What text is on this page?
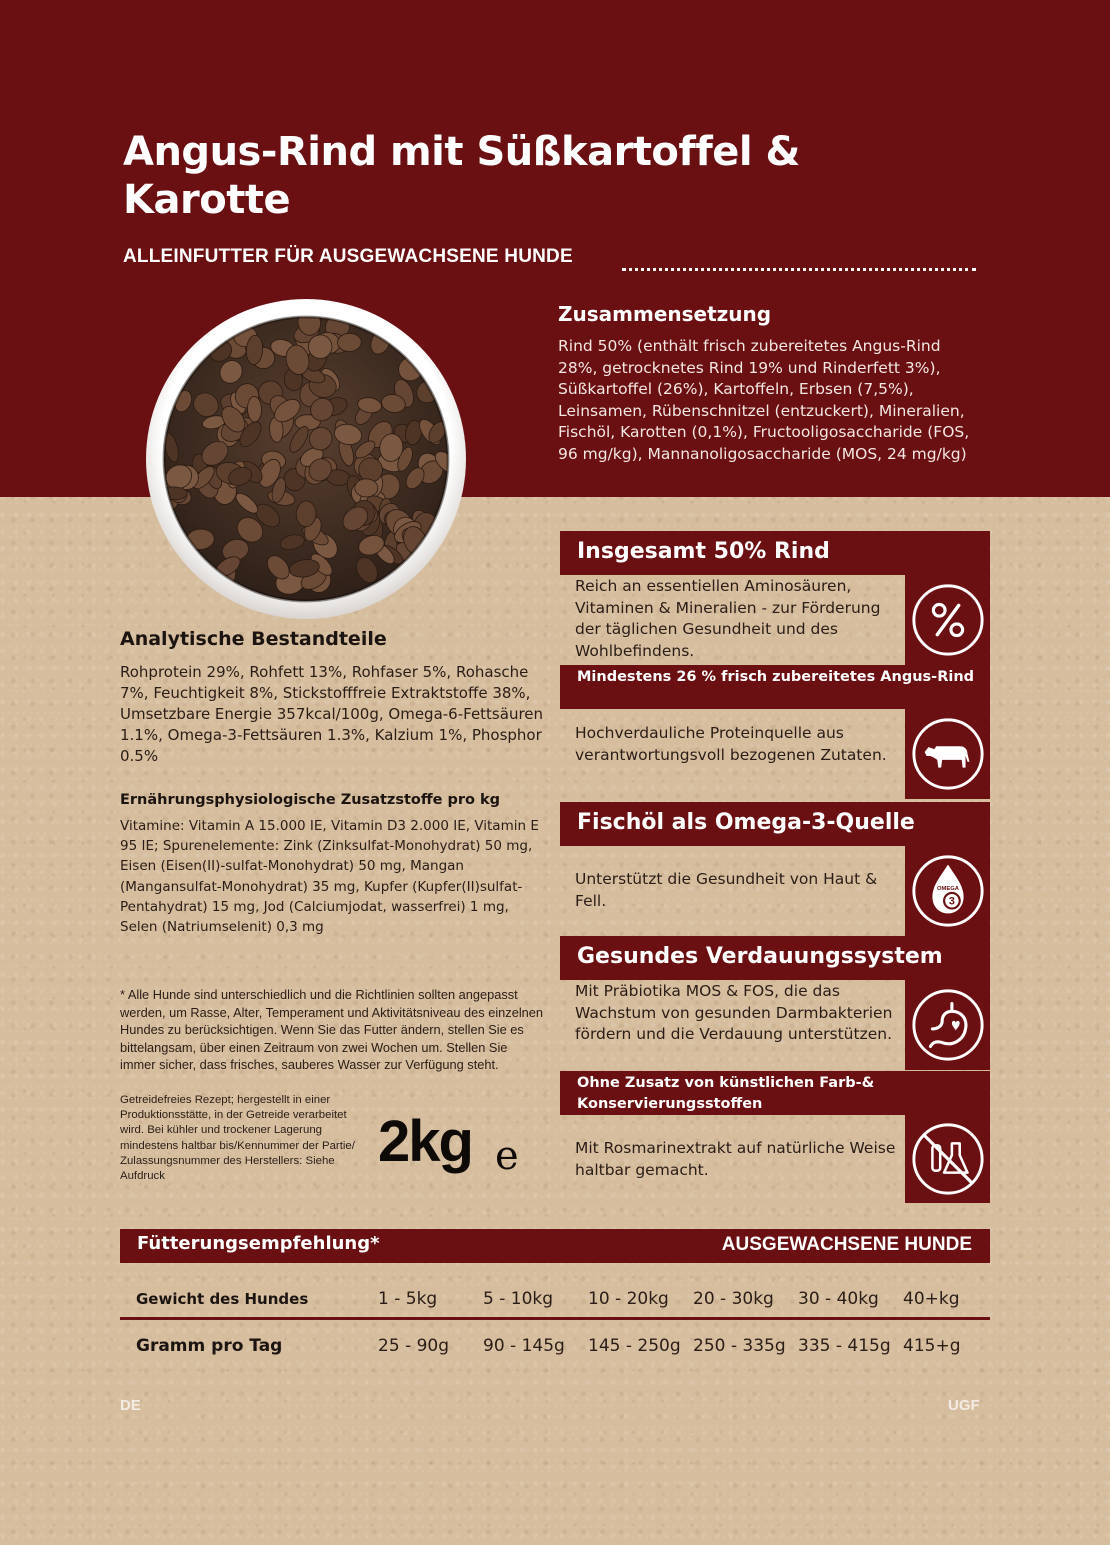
Angus-Rind mit Süßkartoffel & Karotte
ALLEINFUTTER FÜR AUSGEWACHSENE HUNDE
Zusammensetzung

Rind 50% (enthält frisch zubereitetes Angus-Rind 28%, getrocknetes Rind 19% und Rinderfett 3%), Süßkartoffel (26%), Kartoffeln, Erbsen (7,5%), Leinsamen, Rübenschnitzel (entzuckert), Mineralien, Fischöl, Karotten (0,1%), Fructooligosaccharide (FOS, 96 mg/kg), Mannanoligosaccharide (MOS, 24 mg/kg)

Analytische Bestandteile

Rohprotein 29%, Rohfett 13%, Rohfaser 5%, Rohasche 7%, Feuchtigkeit 8%, Stickstofffreie Extraktstoffe 38%, Umsetzbare Energie 357kcal/100g, Omega-6-Fettsäuren 1.1%, Omega-3-Fettsäuren 1.3%, Kalzium 1%, Phosphor 0.5%

Ernährungsphysiologische Zusatzstoffe pro kg

Vitamine: Vitamin A 15.000 IE, Vitamin D3 2.000 IE, Vitamin E 95 IE; Spurenelemente: Zink (Zinksulfat-Monohydrat) 50 mg, Eisen (Eisen(II)-sulfat-Monohydrat) 50 mg, Mangan (Mangansulfat-Monohydrat) 35 mg, Kupfer (Kupfer(II)sulfat-Pentahydrat) 15 mg, Jod (Calciumjodat, wasserfrei) 1 mg, Selen (Natriumselenit) 0,3 mg

* Alle Hunde sind unterschiedlich und die Richtlinien sollten angepasst werden, um Rasse, Alter, Temperament und Aktivitätsniveau des einzelnen Hundes zu berücksichtigen. Wenn Sie das Futter ändern, stellen Sie es bittelangsam, über einen Zeitraum von zwei Wochen um. Stellen Sie immer sicher, dass frisches, sauberes Wasser zur Verfügung steht.

Getreidefreies Rezept; hergestellt in einer Produktionsstätte, in der Getreide verarbeitet wird. Bei kühler und trockener Lagerung mindestens haltbar bis/Kennummer der Partie/ Zulassungsnummer des Herstellers: Siehe Aufdruck

2kg e
Insgesamt 50% Rind

Reich an essentiellen Aminosäuren, Vitaminen & Mineralien - zur Förderung der täglichen Gesundheit und des Wohlbefindens.

Mindestens 26 % frisch zubereitetes Angus-Rind

Hochverdauliche Proteinquelle aus verantwortungsvoll bezogenen Zutaten.

Fischöl als Omega-3-Quelle

Unterstützt die Gesundheit von Haut & Fell.

OMEGA
3
Gesundes Verdauungssystem

Mit Präbiotika MOS & FOS, die das Wachstum von gesunden Darmbakterien fördern und die Verdauung unterstützen.

Ohne Zusatz von künstlichen Farb-& Konservierungsstoffen

Mit Rosmarinextrakt auf natürliche Weise haltbar gemacht.

Fütterungsempfehlung*	AUSGEWACHSENE HUNDE
Gewicht des Hundes	1 - 5kg	5 - 10kg 10 - 20kg 20 - 30kg 30 - 40kg 40+kg
Gramm pro Tag	25 - 90g 90 - 145g 145 - 250g 250 - 335g 335 - 415g 415+g
DE	UGF
